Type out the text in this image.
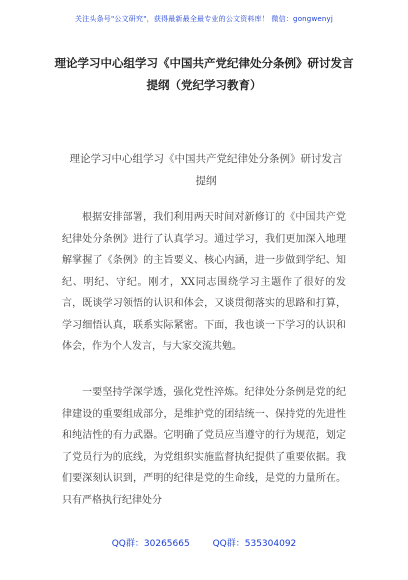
关注头条号"公文研究"，获得最新最全最专业的公文资料库！ 微信：gongwenyj
理论学习中心组学习《中国共产党纪律处分条例》研讨发言提纲（党纪学习教育）
理论学习中心组学习《中国共产党纪律处分条例》研讨发言提纲

根据安排部署，我们利用两天时间对新修订的《中国共产党纪律处分条例》进行了认真学习。通过学习，我们更加深入地理解掌握了《条例》的主旨要义、核心内涵，进一步做到学纪、知纪、明纪、守纪。刚才，XX同志围绕学习主题作了很好的发言，既谈学习领悟的认识和体会，又谈贯彻落实的思路和打算，学习细悟认真，联系实际紧密。下面，我也谈一下学习的认识和体会，作为个人发言，与大家交流共勉。

一要坚持学深学透，强化党性淬炼。纪律处分条例是党的纪律建设的重要组成部分，是维护党的团结统一、保持党的先进性和纯洁性的有力武器。它明确了党员应当遵守的行为规范，划定了党员行为的底线，为党组织实施监督执纪提供了重要依据。我们要深刻认识到，严明的纪律是党的生命线，是党的力量所在。只有严格执行纪律处分

QQ群：30265665	QQ群：535304092
